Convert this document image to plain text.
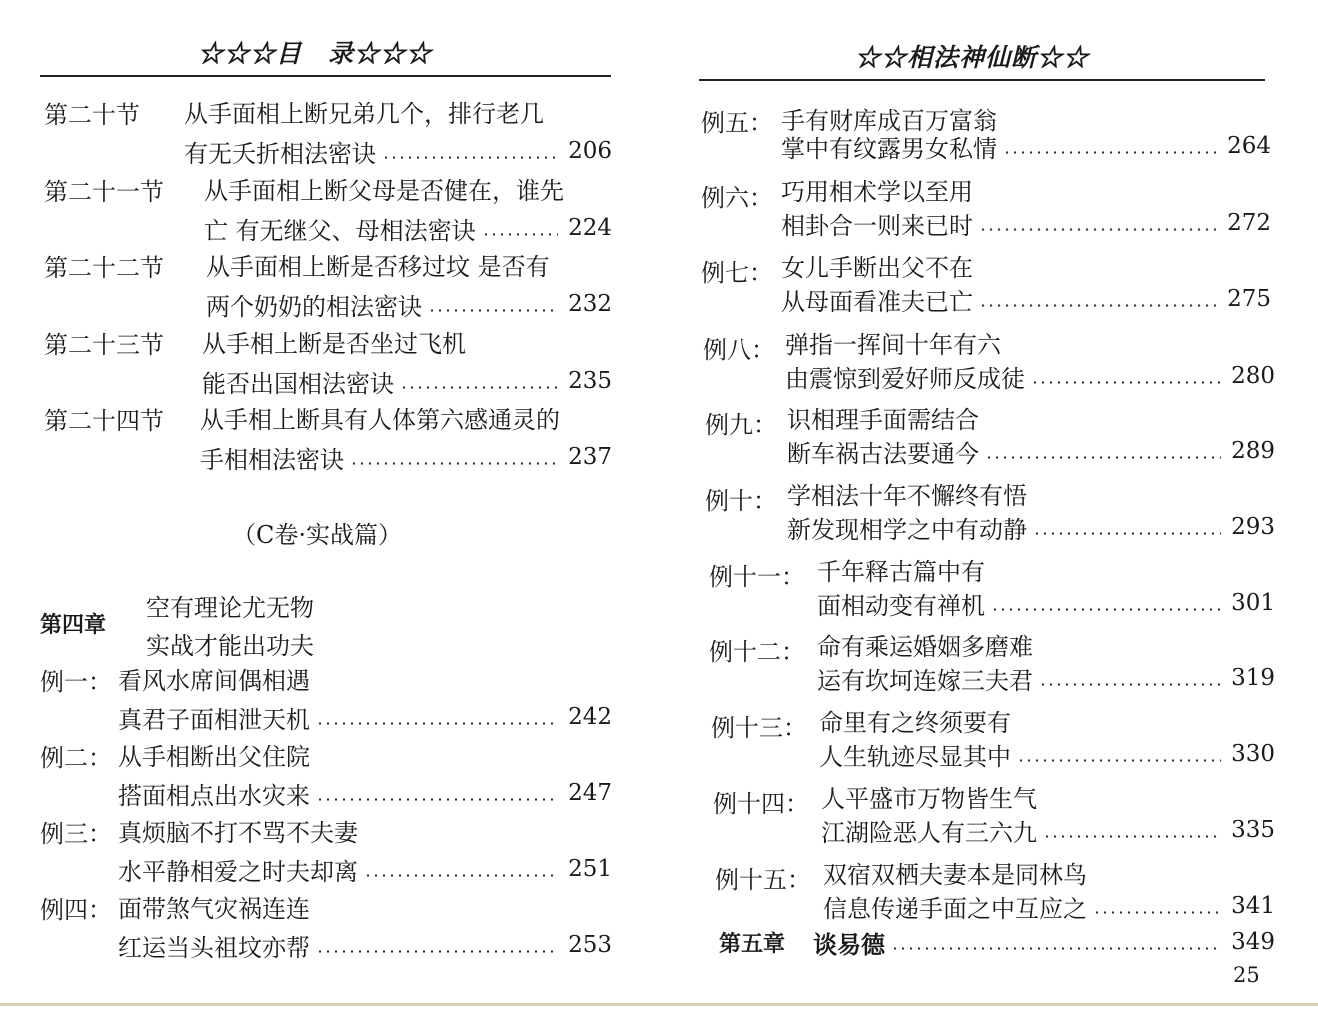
☆☆☆目　录☆☆☆
第二十节 从手面相上断兄弟几个，排行老几
有无夭折相法密诀	206
第二十一节 从手面相上断父母是否健在，谁先
亡 有无继父、母相法密诀	224
第二十二节 从手面相上断是否移过坟 是否有
两个奶奶的相法密诀	232
第二十三节 从手相上断是否坐过飞机
能否出国相法密诀	235
第二十四节 从手相上断具有人体第六感通灵的
手相相法密诀	237
（C卷·实战篇）
第四章
空有理论尤无物
实战才能出功夫
例一： 看风水席间偶相遇
真君子面相泄天机	242
例二： 从手相断出父住院
搭面相点出水灾来	247
例三： 真烦脑不打不骂不夫妻
水平静相爱之时夫却离	251
例四： 面带煞气灾祸连连
红运当头祖坟亦帮	253
☆☆相法神仙断☆☆
例五： 手有财库成百万富翁
掌中有纹露男女私情	264
例六： 巧用相术学以至用
相卦合一则来已时	272
例七： 女儿手断出父不在
从母面看准夫已亡	275
例八： 弹指一挥间十年有六
由震惊到爱好师反成徒	280
例九： 识相理手面需结合
断车祸古法要通今	289
例十： 学相法十年不懈终有悟
新发现相学之中有动静	293
例十一： 千年释古篇中有
面相动变有禅机	301
例十二： 命有乘运婚姻多磨难
运有坎坷连嫁三夫君	319
例十三： 命里有之终须要有
人生轨迹尽显其中	330
例十四： 人平盛市万物皆生气
江湖险恶人有三六九	335
例十五： 双宿双栖夫妻本是同林鸟
信息传递手面之中互应之	341
第五章 谈易德	349
25
